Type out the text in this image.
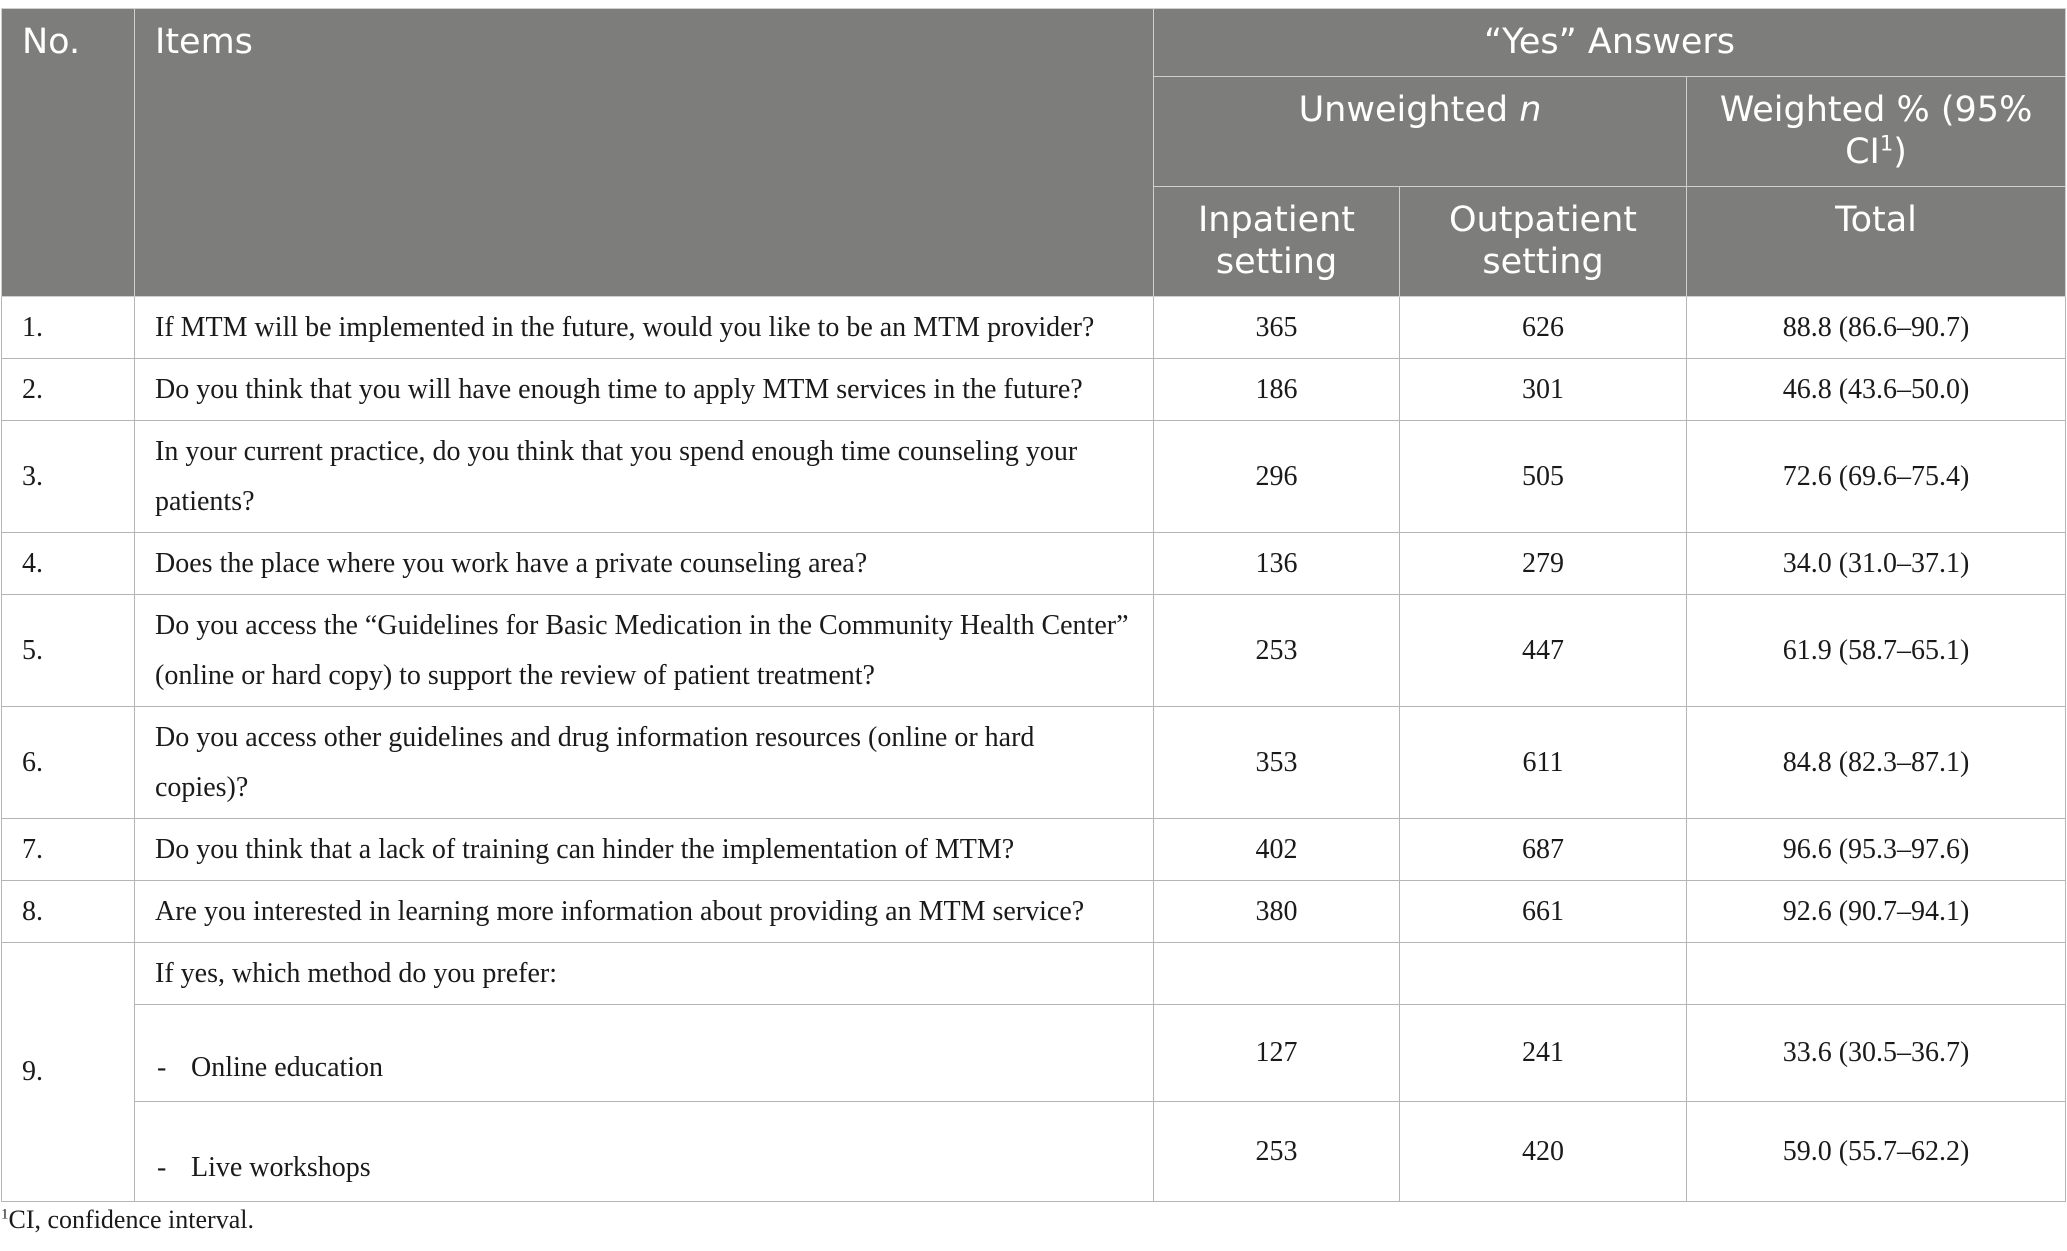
No.	Items	“Yes” Answers		
		Unweighted n		Weighted % (95% $CI^1$)
		Inpatient setting	Outpatient setting	Total
1.	If MTM will be implemented in the future, would you like to be an MTM provider?	365	626	88.8 (86.6–90.7)
2.	Do you think that you will have enough time to apply MTM services in the future?	186	301	46.8 (43.6–50.0)
3.	In your current practice, do you think that you spend enough time counseling your patients?	296	505	72.6 (69.6–75.4)
4.	Does the place where you work have a private counseling area?	136	279	34.0 (31.0–37.1)
5.	Do you access the “Guidelines for Basic Medication in the Community Health Center” (online or hard copy) to support the review of patient treatment?	253	447	61.9 (58.7–65.1)
6.	Do you access other guidelines and drug information resources (online or hard copies)?	353	611	84.8 (82.3–87.1)
7.	Do you think that a lack of training can hinder the implementation of MTM?	402	687	96.6 (95.3–97.6)
8.	Are you interested in learning more information about providing an MTM service?	380	661	92.6 (90.7–94.1)
9.	If yes, which method do you prefer:			
	- Online education	127	241	33.6 (30.5–36.7)
	- Live workshops	253	420	59.0 (55.7–62.2)
$^1$CI, confidence interval.
